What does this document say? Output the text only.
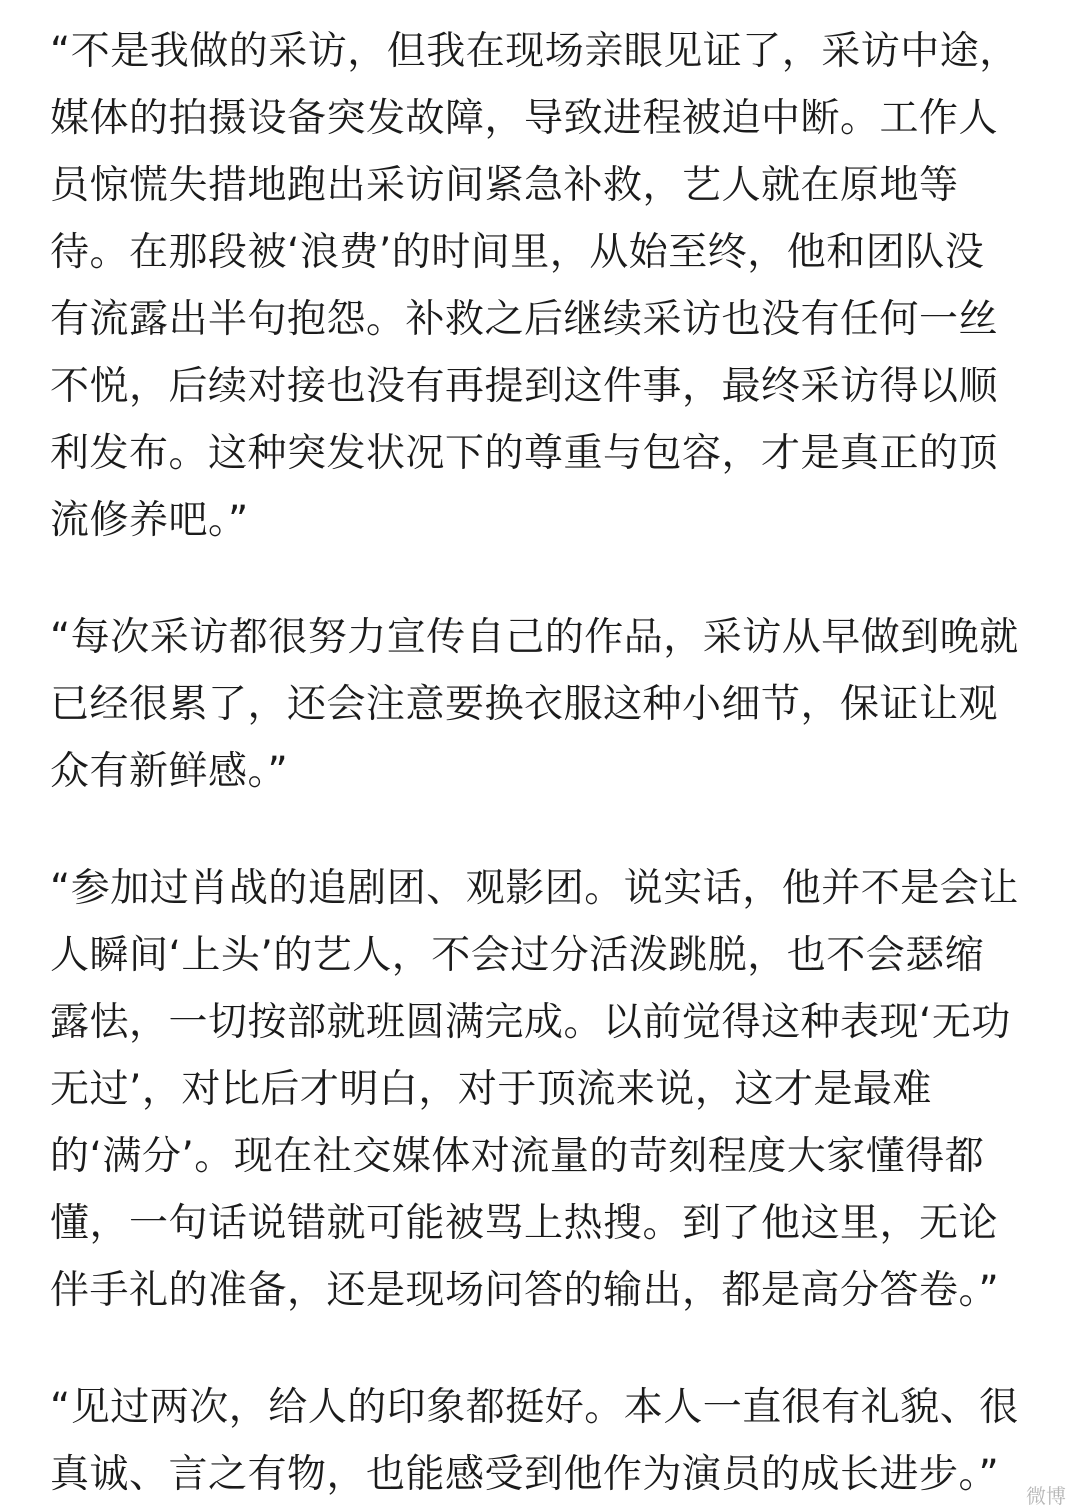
“不是我做的采访，但我在现场亲眼见证了，采访中途，
媒体的拍摄设备突发故障，导致进程被迫中断。工作人
员惊慌失措地跑出采访间紧急补救，艺人就在原地等
待。在那段被‘浪费’的时间里，从始至终，他和团队没
有流露出半句抱怨。补救之后继续采访也没有任何一丝
不悦，后续对接也没有再提到这件事，最终采访得以顺
利发布。这种突发状况下的尊重与包容，才是真正的顶
流修养吧。”

“每次采访都很努力宣传自己的作品，采访从早做到晚就
已经很累了，还会注意要换衣服这种小细节，保证让观
众有新鲜感。”

“参加过肖战的追剧团、观影团。说实话，他并不是会让
人瞬间‘上头’的艺人，不会过分活泼跳脱，也不会瑟缩
露怯，一切按部就班圆满完成。以前觉得这种表现‘无功
无过’，对比后才明白，对于顶流来说，这才是最难
的‘满分’。现在社交媒体对流量的苛刻程度大家懂得都
懂，一句话说错就可能被骂上热搜。到了他这里，无论
伴手礼的准备，还是现场问答的输出，都是高分答卷。”

“见过两次，给人的印象都挺好。本人一直很有礼貌、很
真诚、言之有物，也能感受到他作为演员的成长进步。”	微博
